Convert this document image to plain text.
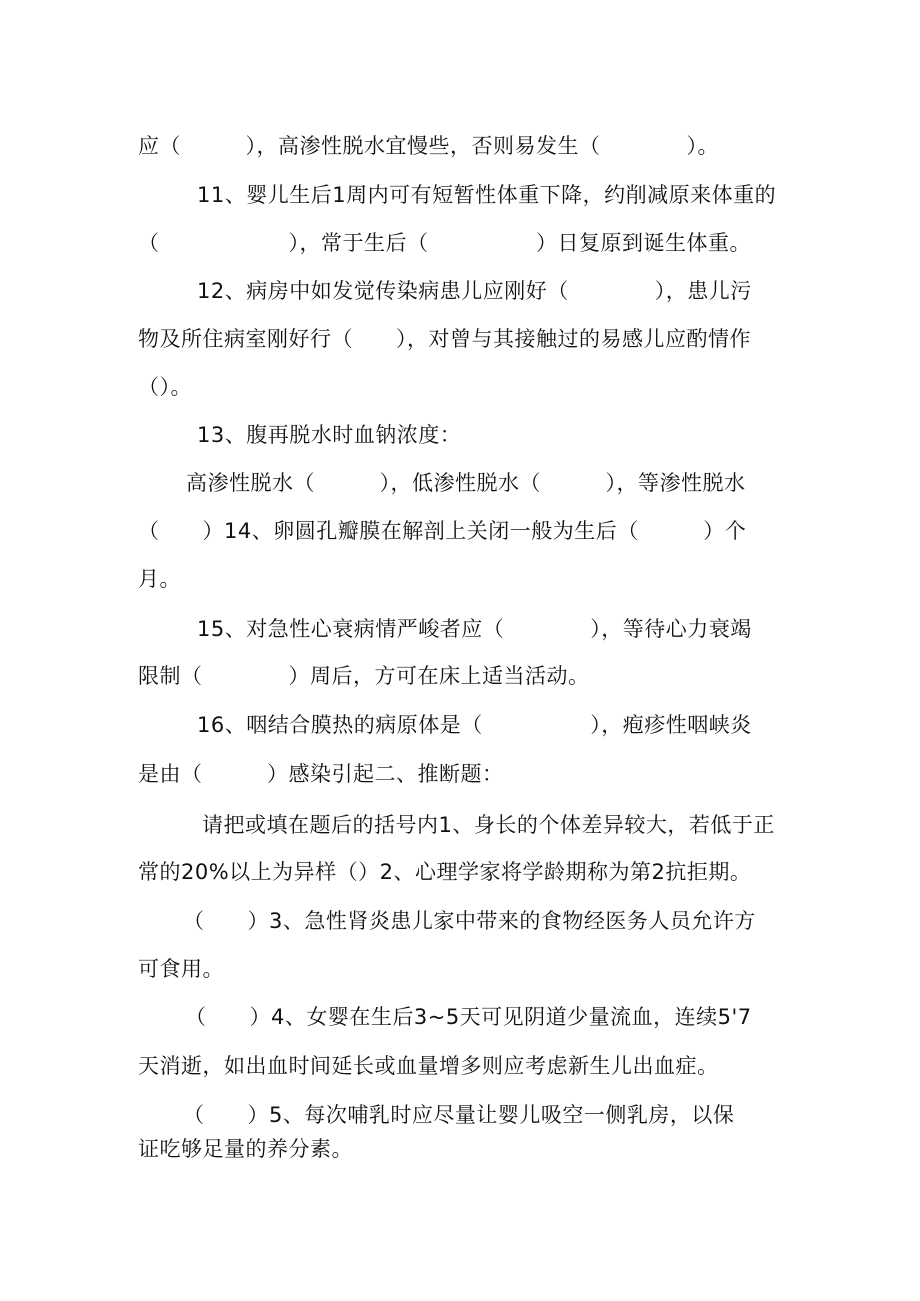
应（　　　），高渗性脱水宜慢些，否则易发生（　　　　）。

11、婴儿生后1周内可有短暂性体重下降，约削减原来体重的

（　　　　　　），常于生后（　　　　　）日复原到诞生体重。

12、病房中如发觉传染病患儿应刚好（　　　　），患儿污

物及所住病室刚好行（　　），对曾与其接触过的易感儿应酌情作

（）。

13、腹再脱水时血钠浓度：

高渗性脱水（　　　），低渗性脱水（　　　），等渗性脱水

（　　）14、卵圆孔瓣膜在解剖上关闭一般为生后（　　　）个

月。

15、对急性心衰病情严峻者应（　　　　），等待心力衰竭

限制（　　　　）周后，方可在床上适当活动。

16、咽结合膜热的病原体是（　　　　　），疱疹性咽峡炎

是由（　　　）感染引起二、推断题：

请把或填在题后的括号内1、身长的个体差异较大，若低于正

常的20%以上为异样（）2、心理学家将学龄期称为第2抗拒期。

（　　）3、急性肾炎患儿家中带来的食物经医务人员允许方

可食用。

（　　）4、女婴在生后3~5天可见阴道少量流血，连续5'7

天消逝，如出血时间延长或血量增多则应考虑新生儿出血症。

（　　）5、每次哺乳时应尽量让婴儿吸空一侧乳房，以保

证吃够足量的养分素。
